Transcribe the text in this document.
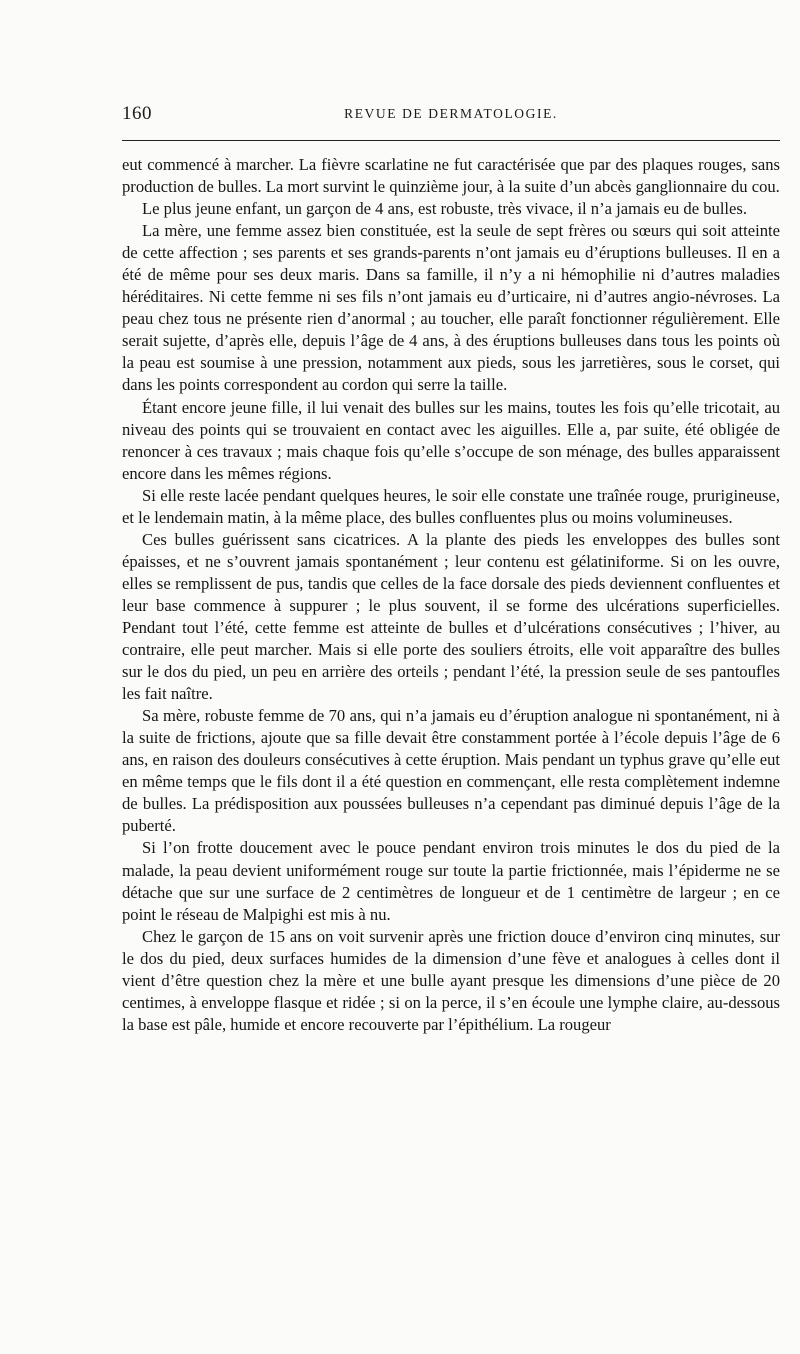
160	REVUE DE DERMATOLOGIE.

eut commencé à marcher. La fièvre scarlatine ne fut caractérisée que par des plaques rouges, sans production de bulles. La mort survint le quinzième jour, à la suite d’un abcès ganglionnaire du cou.

Le plus jeune enfant, un garçon de 4 ans, est robuste, très vivace, il n’a jamais eu de bulles.

La mère, une femme assez bien constituée, est la seule de sept frères ou sœurs qui soit atteinte de cette affection ; ses parents et ses grands-parents n’ont jamais eu d’éruptions bulleuses. Il en a été de même pour ses deux maris. Dans sa famille, il n’y a ni hémophilie ni d’autres maladies héréditaires. Ni cette femme ni ses fils n’ont jamais eu d’urticaire, ni d’autres angio-névroses. La peau chez tous ne présente rien d’anormal ; au toucher, elle paraît fonctionner régulièrement. Elle serait sujette, d’après elle, depuis l’âge de 4 ans, à des éruptions bulleuses dans tous les points où la peau est soumise à une pression, notamment aux pieds, sous les jarretières, sous le corset, qui dans les points correspondent au cordon qui serre la taille.

Étant encore jeune fille, il lui venait des bulles sur les mains, toutes les fois qu’elle tricotait, au niveau des points qui se trouvaient en contact avec les aiguilles. Elle a, par suite, été obligée de renoncer à ces travaux ; mais chaque fois qu’elle s’occupe de son ménage, des bulles apparaissent encore dans les mêmes régions.

Si elle reste lacée pendant quelques heures, le soir elle constate une traînée rouge, prurigineuse, et le lendemain matin, à la même place, des bulles confluentes plus ou moins volumineuses.

Ces bulles guérissent sans cicatrices. A la plante des pieds les enveloppes des bulles sont épaisses, et ne s’ouvrent jamais spontanément ; leur contenu est gélatiniforme. Si on les ouvre, elles se remplissent de pus, tandis que celles de la face dorsale des pieds deviennent confluentes et leur base commence à suppurer ; le plus souvent, il se forme des ulcérations superficielles. Pendant tout l’été, cette femme est atteinte de bulles et d’ulcérations consécutives ; l’hiver, au contraire, elle peut marcher. Mais si elle porte des souliers étroits, elle voit apparaître des bulles sur le dos du pied, un peu en arrière des orteils ; pendant l’été, la pression seule de ses pantoufles les fait naître.

Sa mère, robuste femme de 70 ans, qui n’a jamais eu d’éruption analogue ni spontanément, ni à la suite de frictions, ajoute que sa fille devait être constamment portée à l’école depuis l’âge de 6 ans, en raison des douleurs consécutives à cette éruption. Mais pendant un typhus grave qu’elle eut en même temps que le fils dont il a été question en commençant, elle resta complètement indemne de bulles. La prédisposition aux poussées bulleuses n’a cependant pas diminué depuis l’âge de la puberté.

Si l’on frotte doucement avec le pouce pendant environ trois minutes le dos du pied de la malade, la peau devient uniformément rouge sur toute la partie frictionnée, mais l’épiderme ne se détache que sur une surface de 2 centimètres de longueur et de 1 centimètre de largeur ; en ce point le réseau de Malpighi est mis à nu.

Chez le garçon de 15 ans on voit survenir après une friction douce d’environ cinq minutes, sur le dos du pied, deux surfaces humides de la dimension d’une fève et analogues à celles dont il vient d’être question chez la mère et une bulle ayant presque les dimensions d’une pièce de 20 centimes, à enveloppe flasque et ridée ; si on la perce, il s’en écoule une lymphe claire, au-dessous la base est pâle, humide et encore recouverte par l’épithélium. La rougeur
